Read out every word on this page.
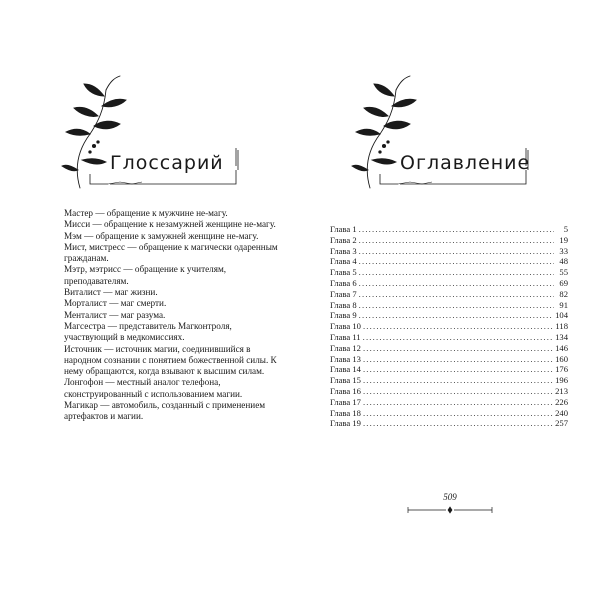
Глоссарий

Мастер — обращение к мужчине не-магу.

Мисси — обращение к незамужней женщине не-магу.

Мэм — обращение к замужней женщине не-магу.

Мист, мистресс — обращение к магически одаренным гражданам.

Мэтр, мэтрисс — обращение к учителям, преподавателям.

Виталист — маг жизни.

Морталист — маг смерти.

Менталист — маг разума.

Магсестра — представитель Магконтроля, участвующий в медкомиссиях.

Источник — источник магии, соединившийся в народном сознании с понятием божественной силы. К нему обращаются, когда взывают к высшим силам.

Лонгофон — местный аналог телефона, сконструированный с использованием магии.

Магикар — автомобиль, созданный с применением артефактов и магии.

Оглавление
Глава 1 .....	5
Глава 2 .....	19
Глава 3 .....	33
Глава 4 .....	48
Глава 5 .....	55
Глава 6 .....	69
Глава 7 .....	82
Глава 8 .....	91
Глава 9 .....	104
Глава 10 .....	118
Глава 11 .....	134
Глава 12 .....	146
Глава 13 .....	160
Глава 14 .....	176
Глава 15 .....	196
Глава 16 .....	213
Глава 17 .....	226
Глава 18 .....	240
Глава 19 .....	257
509
